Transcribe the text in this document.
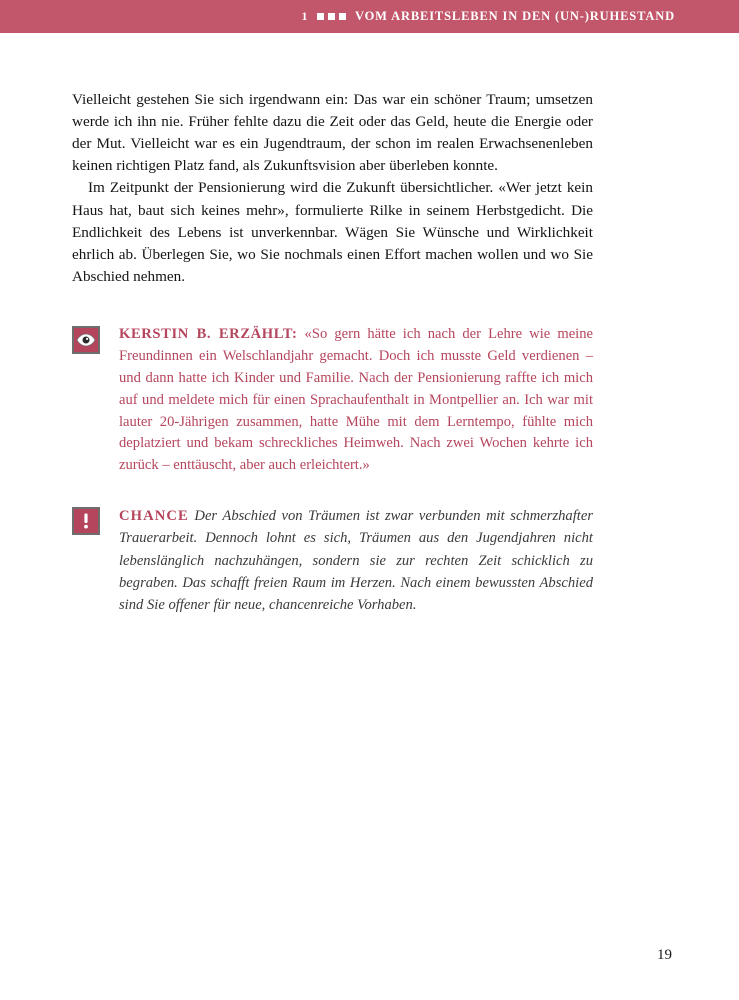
1	VOM ARBEITSLEBEN IN DEN (UN-)RUHESTAND

Vielleicht gestehen Sie sich irgendwann ein: Das war ein schöner Traum; umsetzen werde ich ihn nie. Früher fehlte dazu die Zeit oder das Geld, heute die Energie oder der Mut. Vielleicht war es ein Jugendtraum, der schon im realen Erwachsenenleben keinen richtigen Platz fand, als Zukunftsvision aber überleben konnte.

Im Zeitpunkt der Pensionierung wird die Zukunft übersichtlicher. «Wer jetzt kein Haus hat, baut sich keines mehr», formulierte Rilke in seinem Herbstgedicht. Die Endlichkeit des Lebens ist unverkennbar. Wägen Sie Wünsche und Wirklichkeit ehrlich ab. Überlegen Sie, wo Sie nochmals einen Effort machen wollen und wo Sie Abschied nehmen.

KERSTIN B. ERZÄHLT: «So gern hätte ich nach der Lehre wie meine Freundinnen ein Welschlandjahr gemacht. Doch ich musste Geld verdienen – und dann hatte ich Kinder und Familie. Nach der Pensionierung raffte ich mich auf und meldete mich für einen Sprachaufenthalt in Montpellier an. Ich war mit lauter 20-Jährigen zusammen, hatte Mühe mit dem Lerntempo, fühlte mich deplatziert und bekam schreckliches Heimweh. Nach zwei Wochen kehrte ich zurück – enttäuscht, aber auch erleichtert.»
CHANCE Der Abschied von Träumen ist zwar verbunden mit schmerzhafter Trauerarbeit. Dennoch lohnt es sich, Träumen aus den Jugendjahren nicht lebenslänglich nachzuhängen, sondern sie zur rechten Zeit schicklich zu begraben. Das schafft freien Raum im Herzen. Nach einem bewussten Abschied sind Sie offener für neue, chancenreiche Vorhaben.
19
